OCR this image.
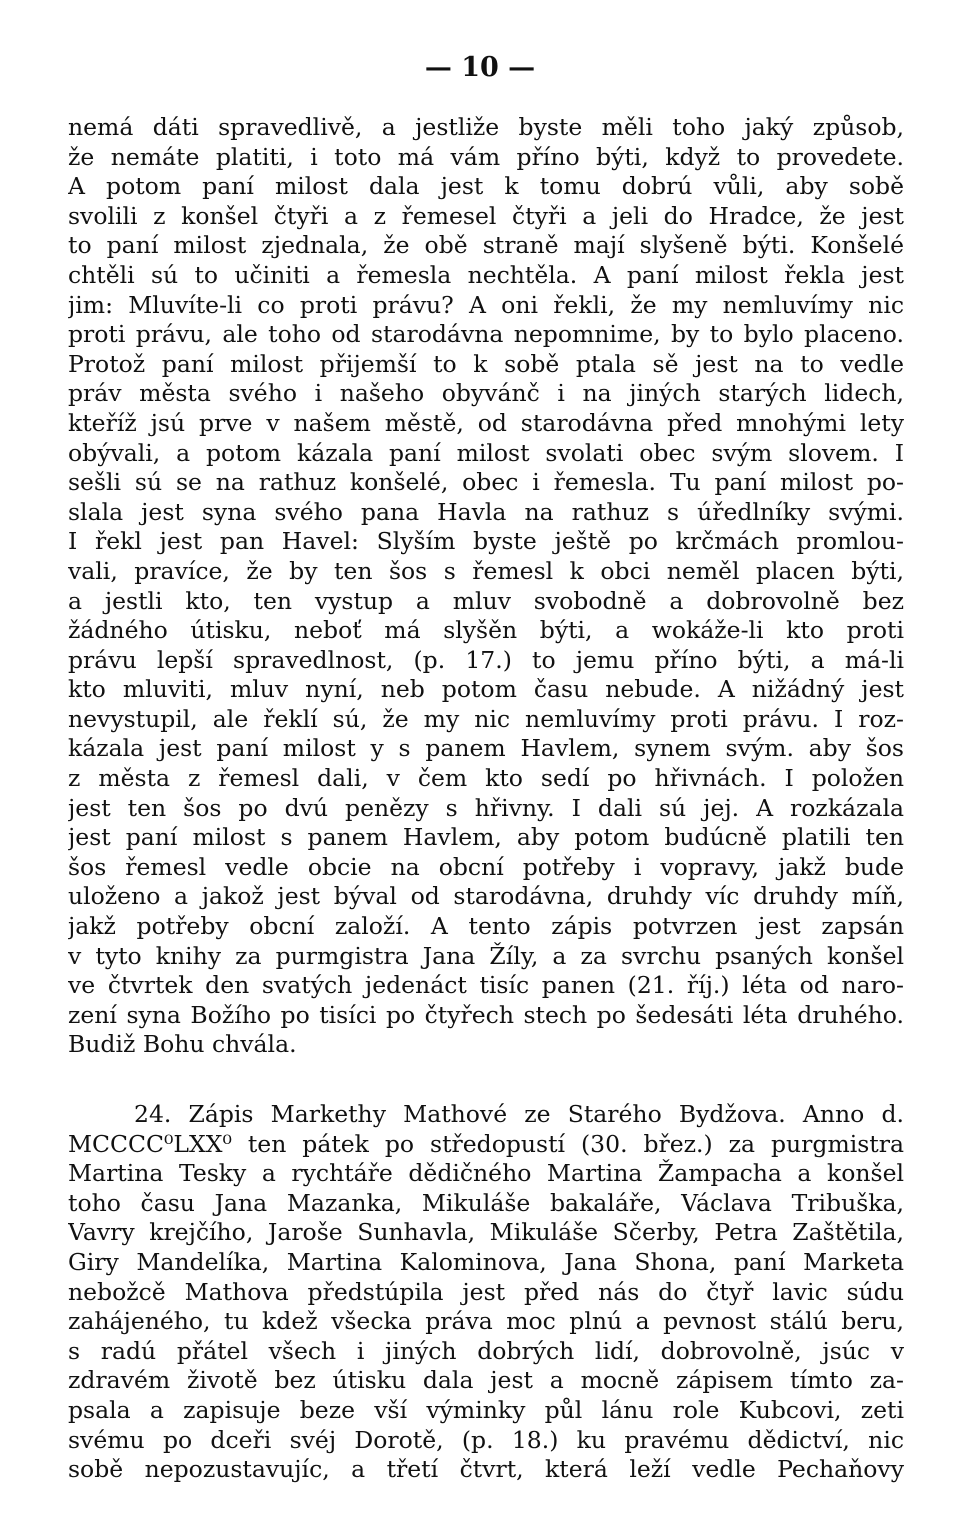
— 10 —
nemá dáti spravedlivě, a jestliže byste měli toho jaký způsob,
že nemáte platiti, i toto má vám příno býti, když to provedete.
A potom paní milost dala jest k tomu dobrú vůli, aby sobě
svolili z konšel čtyři a z řemesel čtyři a jeli do Hradce, že jest
to paní milost zjednala, že obě straně mají slyšeně býti. Konšelé
chtěli sú to učiniti a řemesla nechtěla. A paní milost řekla jest
jim: Mluvíte-li co proti právu? A oni řekli, že my nemluvímy nic
proti právu, ale toho od starodávna nepomnime, by to bylo placeno.
Protož paní milost přijemší to k sobě ptala sě jest na to vedle
práv města svého i našeho obyvánč i na jiných starých lidech,
kteříž jsú prve v našem městě, od starodávna před mnohými lety
obývali, a potom kázala paní milost svolati obec svým slovem. I
sešli sú se na rathuz konšelé, obec i řemesla. Tu paní milost po-
slala jest syna svého pana Havla na rathuz s úředlníky svými.
I řekl jest pan Havel: Slyším byste ještě po krčmách promlou-
vali, pravíce, že by ten šos s řemesl k obci neměl placen býti,
a jestli kto, ten vystup a mluv svobodně a dobrovolně bez
žádného útisku, neboť má slyšěn býti, a wokáže-li kto proti
právu lepší spravedlnost, (p. 17.) to jemu příno býti, a má-li
kto mluviti, mluv nyní, neb potom času nebude. A nižádný jest
nevystupil, ale řeklí sú, že my nic nemluvímy proti právu. I roz-
kázala jest paní milost y s panem Havlem, synem svým. aby šos
z města z řemesl dali, v čem kto sedí po hřivnách. I položen
jest ten šos po dvú penězy s hřivny. I dali sú jej. A rozkázala
jest paní milost s panem Havlem, aby potom budúcně platili ten
šos řemesl vedle obcie na obcní potřeby i vopravy, jakž bude
uloženo a jakož jest býval od starodávna, druhdy víc druhdy míň,
jakž potřeby obcní založí. A tento zápis potvrzen jest zapsán
v tyto knihy za purmgistra Jana Žíly, a za svrchu psaných konšel
ve čtvrtek den svatých jedenáct tisíc panen (21. říj.) léta od naro-
zení syna Božího po tisíci po čtyřech stech po šedesáti léta druhého.
Budiž Bohu chvála.
24. Zápis Markethy Mathové ze Starého Bydžova. Anno d.
MCCCC⁰LXX⁰ ten pátek po středopustí (30. břez.) za purgmistra
Martina Tesky a rychtáře dědičného Martina Žampacha a konšel
toho času Jana Mazanka, Mikuláše bakaláře, Václava Tribuška,
Vavry krejčího, Jaroše Sunhavla, Mikuláše Sčerby, Petra Zaštětila,
Giry Mandelíka, Martina Kalominova, Jana Shona, paní Marketa
nebožcě Mathova předstúpila jest před nás do čtyř lavic súdu
zahájeného, tu kdež všecka práva moc plnú a pevnost stálú beru,
s radú přátel všech i jiných dobrých lidí, dobrovolně, jsúc v
zdravém životě bez útisku dala jest a mocně zápisem tímto za-
psala a zapisuje beze vší výminky půl lánu role Kubcovi, zeti
svému po dceři svéj Dorotě, (p. 18.) ku pravému dědictví, nic
sobě nepozustavujíc, a třetí čtvrt, která leží vedle Pechaňovy
